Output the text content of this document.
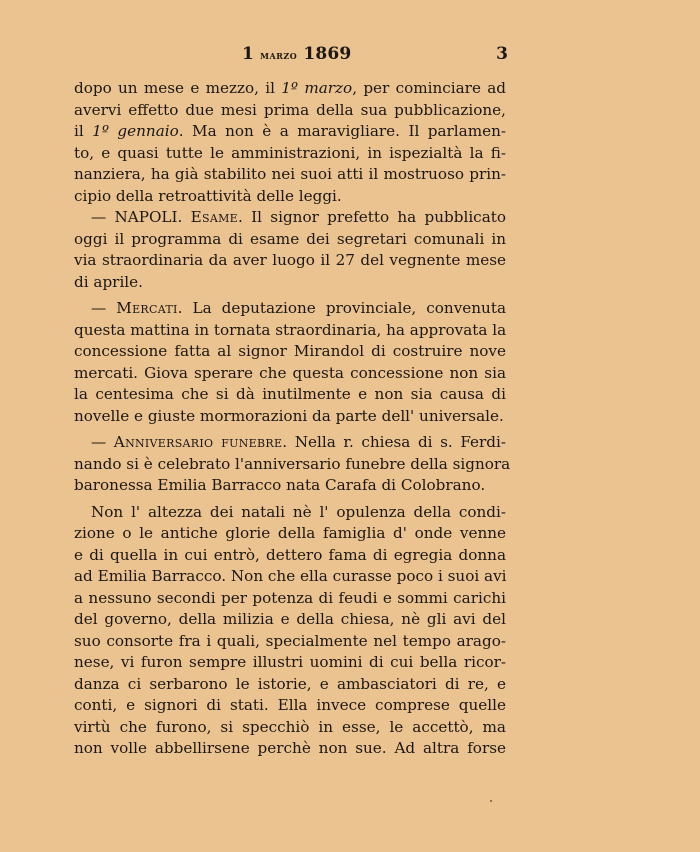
1 marzo 1869	3
dopo un mese e mezzo, il 1º marzo, per cominciare ad
avervi effetto due mesi prima della sua pubblicazione,
il 1º gennaio. Ma non è a maravigliare. Il parlamen-
to, e quasi tutte le amministrazioni, in ispezialtà la fi-
nanziera, ha già stabilito nei suoi atti il mostruoso prin-
cipio della retroattività delle leggi.
— NAPOLI. Esame. Il signor prefetto ha pubblicato
oggi il programma di esame dei segretari comunali in
via straordinaria da aver luogo il 27 del vegnente mese
di aprile.
— Mercati. La deputazione provinciale, convenuta
questa mattina in tornata straordinaria, ha approvata la
concessione fatta al signor Mirandol di costruire nove
mercati. Giova sperare che questa concessione non sia
la centesima che si dà inutilmente e non sia causa di
novelle e giuste mormorazioni da parte dell' universale.
— Anniversario funebre. Nella r. chiesa di s. Ferdi-
nando si è celebrato l'anniversario funebre della signora
baronessa Emilia Barracco nata Carafa di Colobrano.
Non l' altezza dei natali nè l' opulenza della condi-
zione o le antiche glorie della famiglia d' onde venne
e di quella in cui entrò, dettero fama di egregia donna
ad Emilia Barracco. Non che ella curasse poco i suoi avi
a nessuno secondi per potenza di feudi e sommi carichi
del governo, della milizia e della chiesa, nè gli avi del
suo consorte fra i quali, specialmente nel tempo arago-
nese, vi furon sempre illustri uomini di cui bella ricor-
danza ci serbarono le istorie, e ambasciatori di re, e
conti, e signori di stati. Ella invece comprese quelle
virtù che furono, si specchiò in esse, le accettò, ma
non volle abbellirsene perchè non sue. Ad altra forse
